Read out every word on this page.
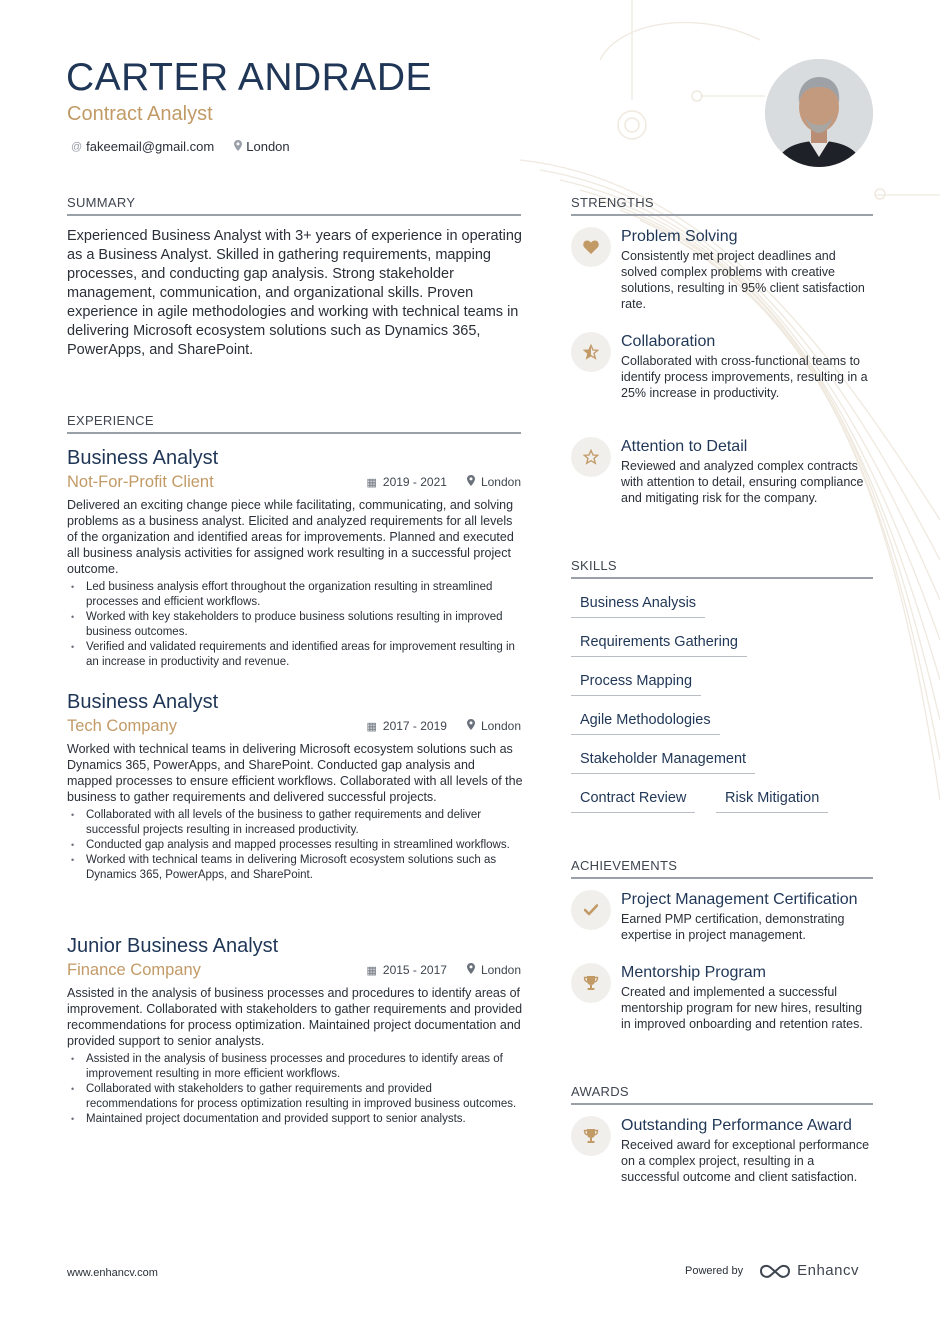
CARTER ANDRADE
Contract Analyst
@ fakeemail@gmail.com London
SUMMARY
Experienced Business Analyst with 3+ years of experience in operating as a Business Analyst. Skilled in gathering requirements, mapping processes, and conducting gap analysis. Strong stakeholder management, communication, and organizational skills. Proven experience in agile methodologies and working with technical teams in delivering Microsoft ecosystem solutions such as Dynamics 365, PowerApps, and SharePoint.
EXPERIENCE
Business Analyst
Not-For-Profit Client	▦ 2019 - 2021	London
Delivered an exciting change piece while facilitating, communicating, and solving problems as a business analyst. Elicited and analyzed requirements for all levels of the organization and identified areas for improvements. Planned and executed all business analysis activities for assigned work resulting in a successful project outcome.
• Led business analysis effort throughout the organization resulting in streamlined processes and efficient workflows.
• Worked with key stakeholders to produce business solutions resulting in improved business outcomes.
• Verified and validated requirements and identified areas for improvement resulting in an increase in productivity and revenue.
Business Analyst
Tech Company	▦ 2017 - 2019	London
Worked with technical teams in delivering Microsoft ecosystem solutions such as Dynamics 365, PowerApps, and SharePoint. Conducted gap analysis and mapped processes to ensure efficient workflows. Collaborated with all levels of the business to gather requirements and delivered successful projects.
• Collaborated with all levels of the business to gather requirements and deliver successful projects resulting in increased productivity.
• Conducted gap analysis and mapped processes resulting in streamlined workflows.
• Worked with technical teams in delivering Microsoft ecosystem solutions such as Dynamics 365, PowerApps, and SharePoint.
Junior Business Analyst
Finance Company	▦ 2015 - 2017	London
Assisted in the analysis of business processes and procedures to identify areas of improvement. Collaborated with stakeholders to gather requirements and provided recommendations for process optimization. Maintained project documentation and provided support to senior analysts.
• Assisted in the analysis of business processes and procedures to identify areas of improvement resulting in more efficient workflows.
• Collaborated with stakeholders to gather requirements and provided recommendations for process optimization resulting in improved business outcomes.
• Maintained project documentation and provided support to senior analysts.
STRENGTHS
Problem Solving
Consistently met project deadlines and solved complex problems with creative solutions, resulting in 95% client satisfaction rate.
Collaboration
Collaborated with cross-functional teams to identify process improvements, resulting in a 25% increase in productivity.
Attention to Detail
Reviewed and analyzed complex contracts with attention to detail, ensuring compliance and mitigating risk for the company.
SKILLS
Business Analysis
Requirements Gathering
Process Mapping
Agile Methodologies
Stakeholder Management
Contract Review	Risk Mitigation
ACHIEVEMENTS
Project Management Certification
Earned PMP certification, demonstrating expertise in project management.
Mentorship Program
Created and implemented a successful mentorship program for new hires, resulting in improved onboarding and retention rates.
AWARDS
Outstanding Performance Award
Received award for exceptional performance on a complex project, resulting in a successful outcome and client satisfaction.
www.enhancv.com	Powered by	Enhancv
